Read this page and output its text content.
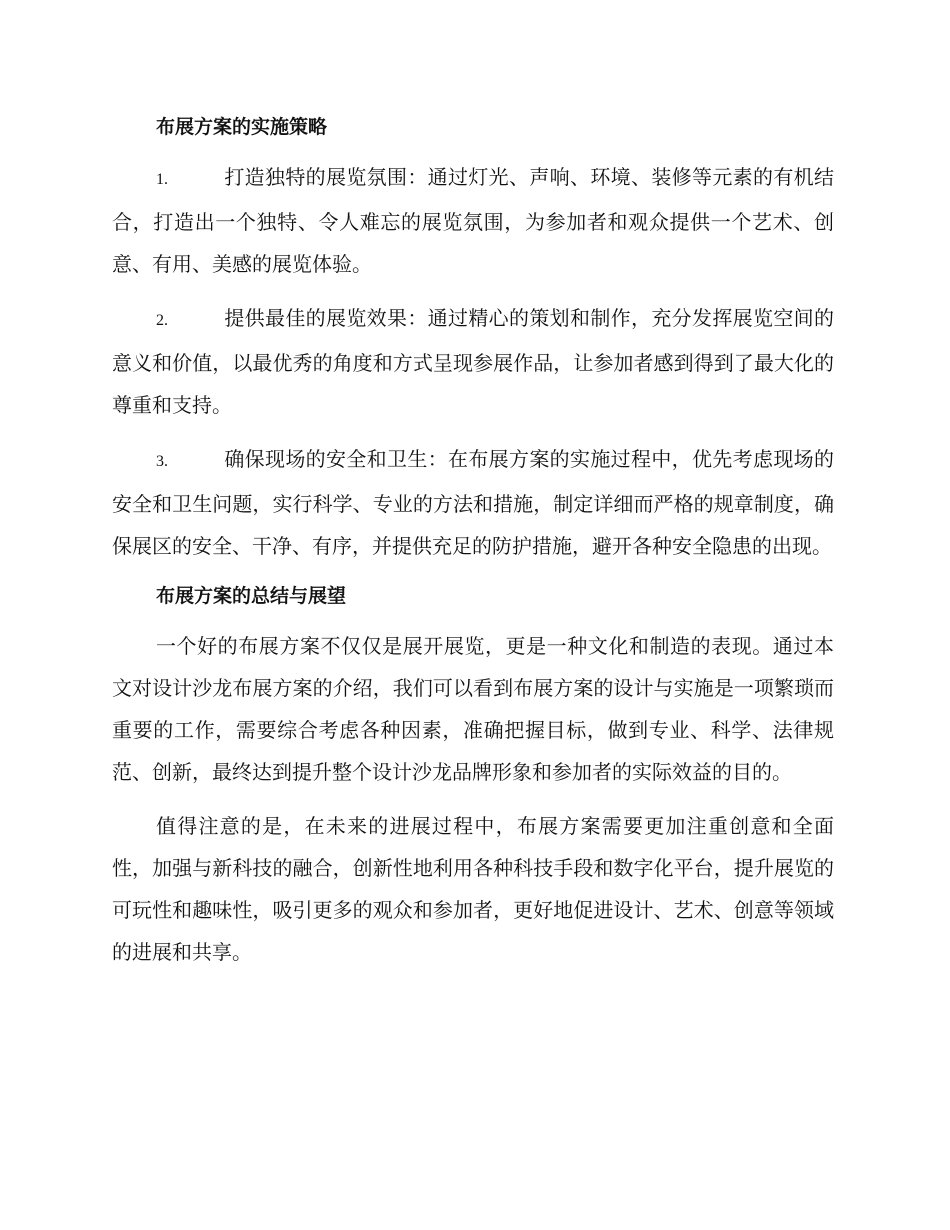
布展方案的实施策略

1.	打造独特的展览氛围：通过灯光、声响、环境、装修等元素的有机结合，打造出一个独特、令人难忘的展览氛围，为参加者和观众提供一个艺术、创意、有用、美感的展览体验。

2.	提供最佳的展览效果：通过精心的策划和制作，充分发挥展览空间的意义和价值，以最优秀的角度和方式呈现参展作品，让参加者感到得到了最大化的尊重和支持。

3.	确保现场的安全和卫生：在布展方案的实施过程中，优先考虑现场的安全和卫生问题，实行科学、专业的方法和措施，制定详细而严格的规章制度，确保展区的安全、干净、有序，并提供充足的防护措施，避开各种安全隐患的出现。

布展方案的总结与展望

一个好的布展方案不仅仅是展开展览，更是一种文化和制造的表现。通过本文对设计沙龙布展方案的介绍，我们可以看到布展方案的设计与实施是一项繁琐而重要的工作，需要综合考虑各种因素，准确把握目标，做到专业、科学、法律规范、创新，最终达到提升整个设计沙龙品牌形象和参加者的实际效益的目的。

值得注意的是，在未来的进展过程中，布展方案需要更加注重创意和全面性，加强与新科技的融合，创新性地利用各种科技手段和数字化平台，提升展览的可玩性和趣味性，吸引更多的观众和参加者，更好地促进设计、艺术、创意等领域的进展和共享。
